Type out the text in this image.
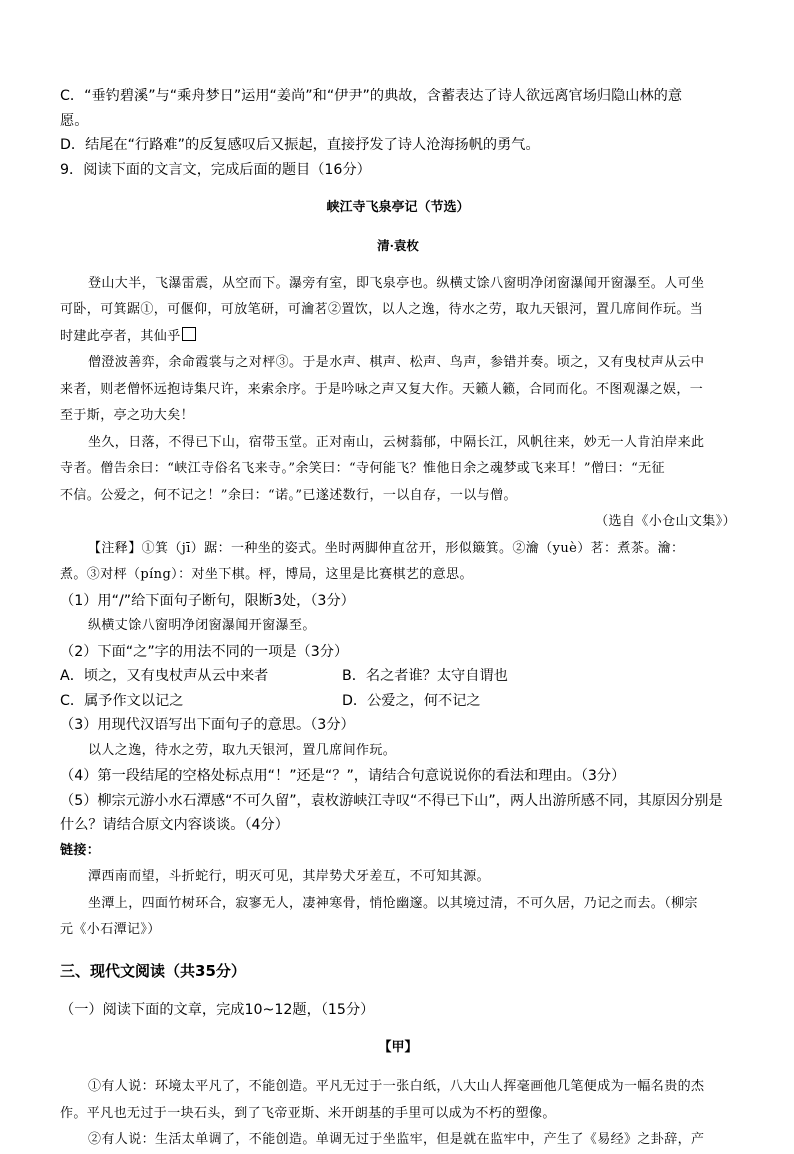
C．“垂钓碧溪”与“乘舟梦日”运用“姜尚”和“伊尹”的典故，含蓄表达了诗人欲远离官场归隐山林的意

愿。

D．结尾在“行路难”的反复感叹后又振起，直接抒发了诗人沧海扬帆的勇气。

9．阅读下面的文言文，完成后面的题目（16分）

峡江寺飞泉亭记（节选）

清·袁枚

登山大半，飞瀑雷震，从空而下。瀑旁有室，即飞泉亭也。纵横丈馀八窗明净闭窗瀑闻开窗瀑至。人可坐

可卧，可箕踞①，可偃仰，可放笔研，可瀹茗②置饮，以人之逸，待水之劳，取九天银河，置几席间作玩。当

时建此亭者，其仙乎

僧澄波善弈，余命霞裳与之对枰③。于是水声、棋声、松声、鸟声，参错并奏。顷之，又有曳杖声从云中

来者，则老僧怀远抱诗集尺许，来索余序。于是吟咏之声又复大作。天籁人籁，合同而化。不图观瀑之娱，一

至于斯，亭之功大矣！

坐久，日落，不得已下山，宿带玉堂。正对南山，云树蓊郁，中隔长江，风帆往来，妙无一人肯泊岸来此

寺者。僧告余曰：“峡江寺俗名飞来寺。”余笑曰：“寺何能飞？惟他日余之魂梦或飞来耳！”僧曰：“无征

不信。公爱之，何不记之！”余曰：“诺。”已遂述数行，一以自存，一以与僧。

（选自《小仓山文集》）

【注释】①箕（jī）踞：一种坐的姿式。坐时两脚伸直岔开，形似簸箕。②瀹（yuè）茗：煮茶。瀹：

煮。③对枰（píng）：对坐下棋。枰，博局，这里是比赛棋艺的意思。

（1）用“/”给下面句子断句，限断3处，（3分）

纵横丈馀八窗明净闭窗瀑闻开窗瀑至。

（2）下面“之”字的用法不同的一项是（3分）

A．顷之，又有曳杖声从云中来者	B．名之者谁？太守自谓也

C．属予作文以记之	D．公爱之，何不记之

（3）用现代汉语写出下面句子的意思。（3分）

以人之逸，待水之劳，取九天银河，置几席间作玩。

（4）第一段结尾的空格处标点用“！”还是“？”，请结合句意说说你的看法和理由。（3分）

（5）柳宗元游小水石潭感“不可久留”，袁枚游峡江寺叹“不得已下山”，两人出游所感不同，其原因分别是

什么？请结合原文内容谈谈。（4分）

链接：

潭西南而望，斗折蛇行，明灭可见，其岸势犬牙差互，不可知其源。

坐潭上，四面竹树环合，寂寥无人，凄神寒骨，悄怆幽邃。以其境过清，不可久居，乃记之而去。（柳宗

元《小石潭记》）

三、现代文阅读（共35分）

（一）阅读下面的文章，完成10~12题，（15分）

【甲】

①有人说：环境太平凡了，不能创造。平凡无过于一张白纸，八大山人挥毫画他几笔便成为一幅名贵的杰

作。平凡也无过于一块石头，到了飞帝亚斯、米开朗基的手里可以成为不朽的塑像。

②有人说：生活太单调了，不能创造。单调无过于坐监牢，但是就在监牢中，产生了《易经》之卦辞，产
